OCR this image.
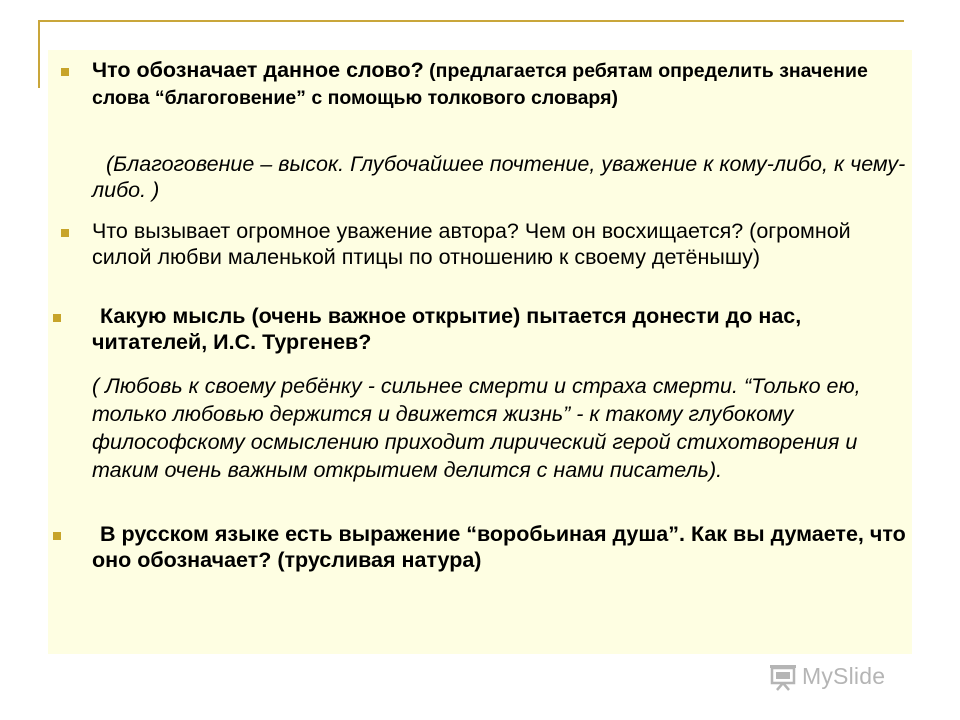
Что обозначает данное слово? (предлагается ребятам определить значение слова “благоговение” с помощью толкового словаря)
(Благоговение – высок. Глубочайшее почтение, уважение к кому-либо, к чему-либо. )
Что вызывает огромное уважение автора? Чем он восхищается? (огромной силой любви маленькой птицы по отношению к своему детёнышу)
Какую мысль (очень важное открытие) пытается донести до нас, читателей, И.С. Тургенев?
( Любовь к своему ребёнку - сильнее смерти и страха смерти. “Только ею, только любовью держится и движется жизнь” - к такому глубокому философскому осмыслению приходит лирический герой стихотворения и таким очень важным открытием делится с нами писатель).
В русском языке есть выражение “воробьиная душа”. Как вы думаете, что оно обозначает? (трусливая натура)
MySlide
